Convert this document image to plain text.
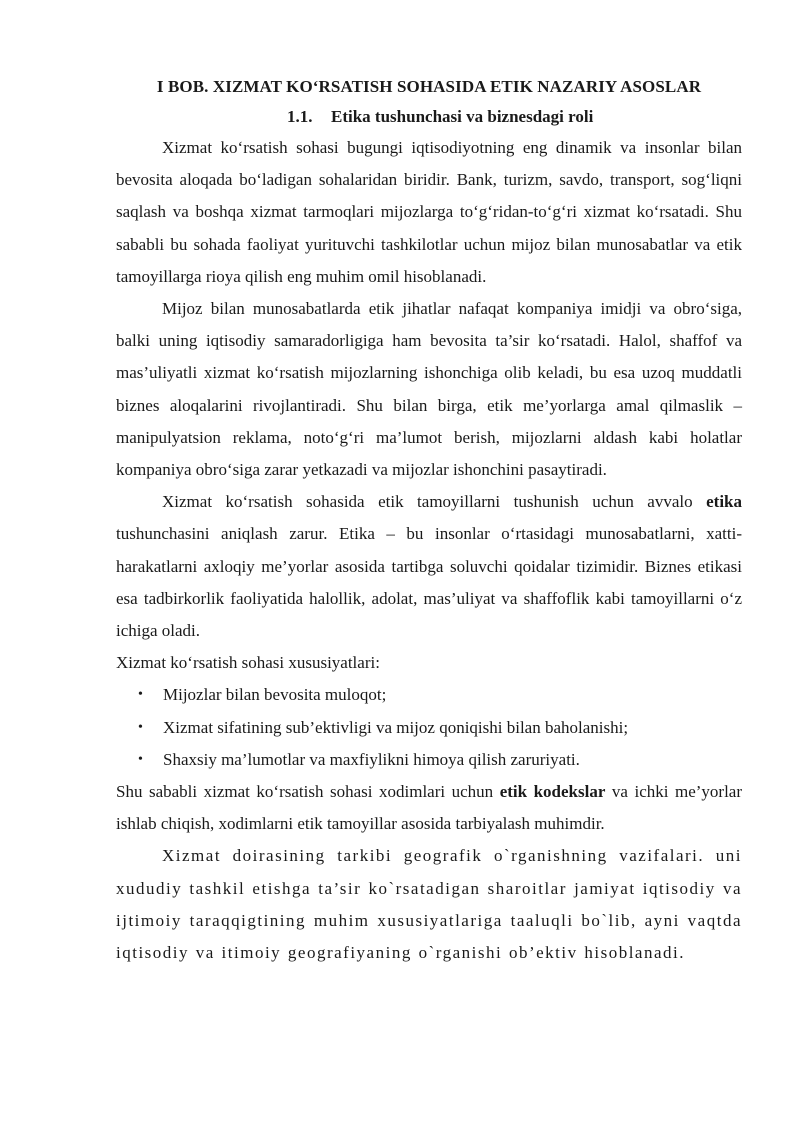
I BOB. XIZMAT KO‘RSATISH SOHASIDA ETIK NAZARIY ASOSLAR
1.1. Etika tushunchasi va biznesdagi roli

Xizmat ko‘rsatish sohasi bugungi iqtisodiyotning eng dinamik va insonlar bilan bevosita aloqada bo‘ladigan sohalaridan biridir. Bank, turizm, savdo, transport, sog‘liqni saqlash va boshqa xizmat tarmoqlari mijozlarga to‘g‘ridan-to‘g‘ri xizmat ko‘rsatadi. Shu sababli bu sohada faoliyat yurituvchi tashkilotlar uchun mijoz bilan munosabatlar va etik tamoyillarga rioya qilish eng muhim omil hisoblanadi.

Mijoz bilan munosabatlarda etik jihatlar nafaqat kompaniya imidji va obro‘siga, balki uning iqtisodiy samaradorligiga ham bevosita ta’sir ko‘rsatadi. Halol, shaffof va mas’uliyatli xizmat ko‘rsatish mijozlarning ishonchiga olib keladi, bu esa uzoq muddatli biznes aloqalarini rivojlantiradi. Shu bilan birga, etik me’yorlarga amal qilmaslik – manipulyatsion reklama, noto‘g‘ri ma’lumot berish, mijozlarni aldash kabi holatlar kompaniya obro‘siga zarar yetkazadi va mijozlar ishonchini pasaytiradi.

Xizmat ko‘rsatish sohasida etik tamoyillarni tushunish uchun avvalo etika tushunchasini aniqlash zarur. Etika – bu insonlar o‘rtasidagi munosabatlarni, xatti-harakatlarni axloqiy me’yorlar asosida tartibga soluvchi qoidalar tizimidir. Biznes etikasi esa tadbirkorlik faoliyatida halollik, adolat, mas’uliyat va shaffoflik kabi tamoyillarni o‘z ichiga oladi.

Xizmat ko‘rsatish sohasi xususiyatlari:

• Mijozlar bilan bevosita muloqot;
• Xizmat sifatining sub’ektivligi va mijoz qoniqishi bilan baholanishi;
• Shaxsiy ma’lumotlar va maxfiylikni himoya qilish zaruriyati.

Shu sababli xizmat ko‘rsatish sohasi xodimlari uchun etik kodekslar va ichki me’yorlar ishlab chiqish, xodimlarni etik tamoyillar asosida tarbiyalash muhimdir.

Xizmat doirasining tarkibi geografik o`rganishning vazifalari. uni xududiy tashkil etishga ta’sir ko`rsatadigan sharoitlar jamiyat iqtisodiy va ijtimoiy taraqqigtining muhim xususiyatlariga taaluqli bo`lib, ayni vaqtda iqtisodiy va itimoiy geografiyaning o`rganishi ob’ektiv hisoblanadi.
